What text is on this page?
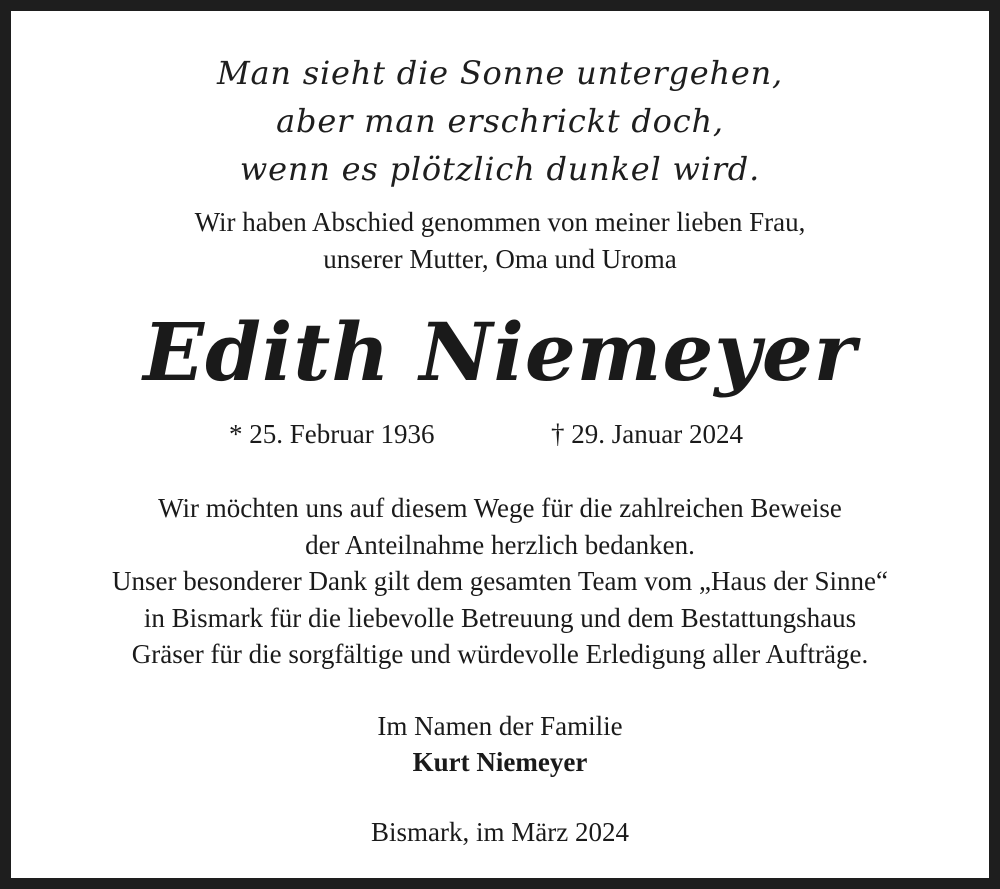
Man sieht die Sonne untergehen,
aber man erschrickt doch,
wenn es plötzlich dunkel wird.
Wir haben Abschied genommen von meiner lieben Frau,
unserer Mutter, Oma und Uroma
Edith Niemeyer
* 25. Februar 1936	† 29. Januar 2024
Wir möchten uns auf diesem Wege für die zahlreichen Beweise
der Anteilnahme herzlich bedanken.
Unser besonderer Dank gilt dem gesamten Team vom „Haus der Sinne“
in Bismark für die liebevolle Betreuung und dem Bestattungshaus
Gräser für die sorgfältige und würdevolle Erledigung aller Aufträge.
Im Namen der Familie
Kurt Niemeyer
Bismark, im März 2024
